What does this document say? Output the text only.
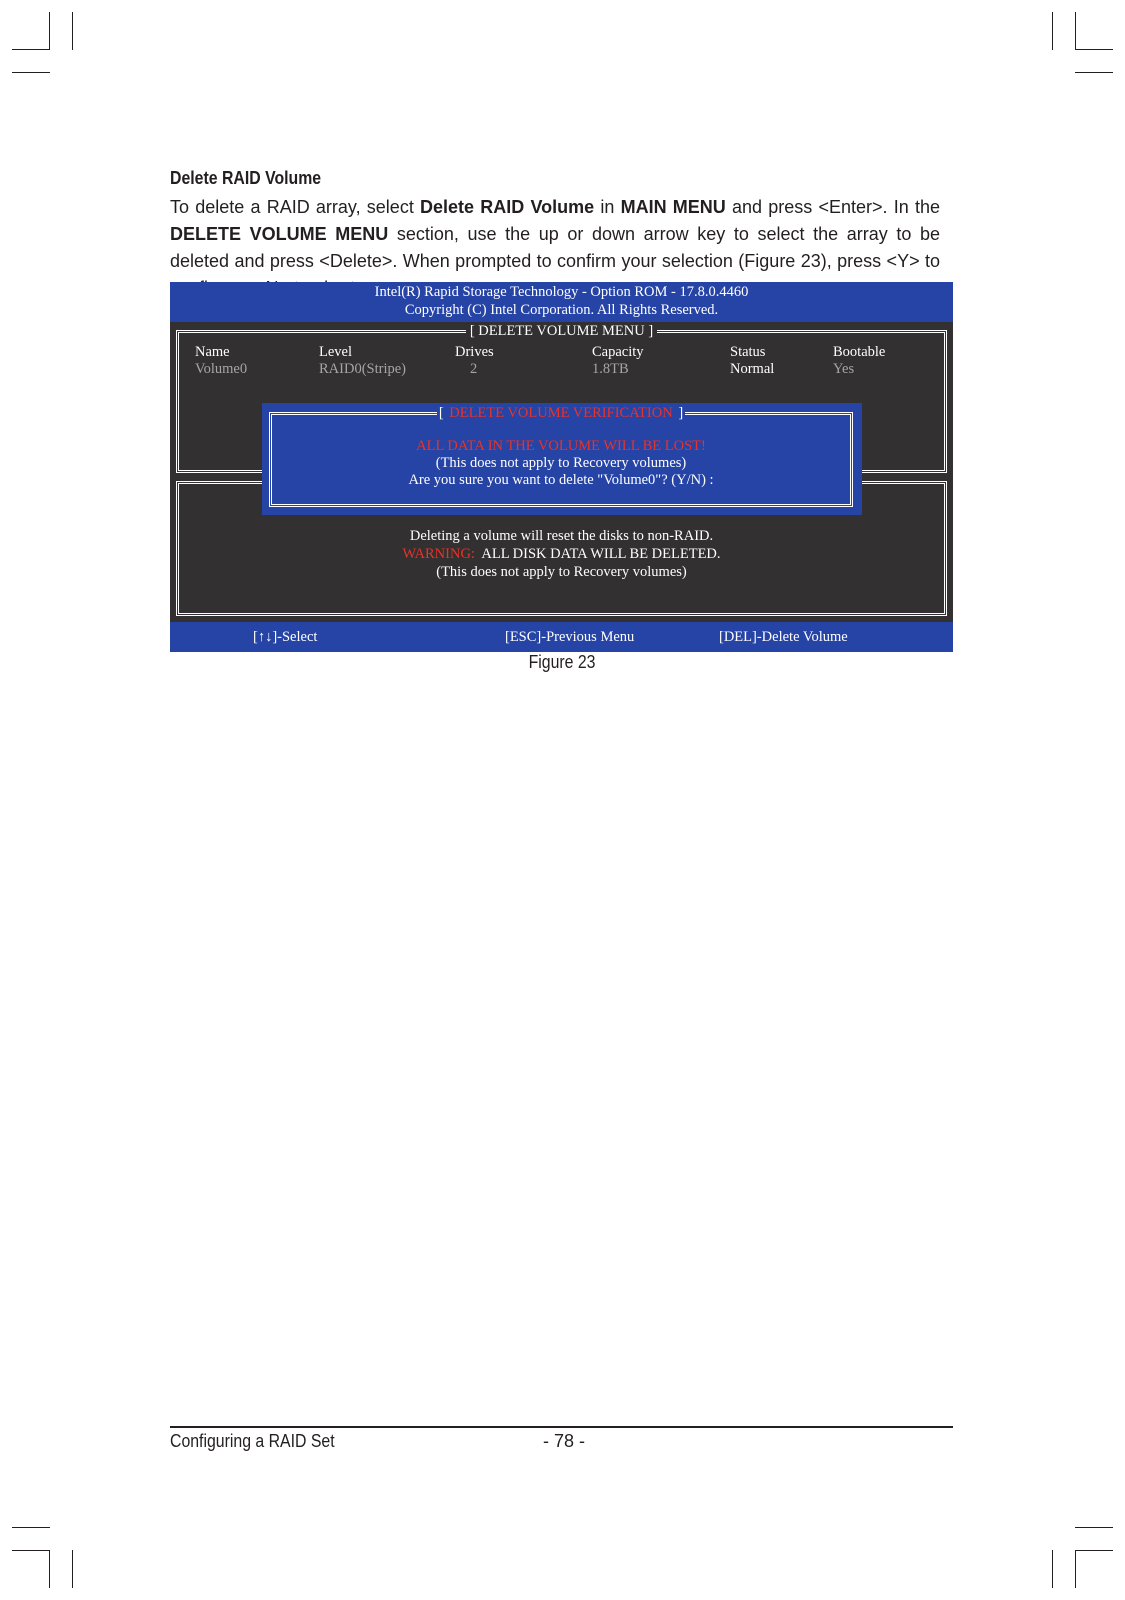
Delete RAID Volume
To delete a RAID array, select Delete RAID Volume in MAIN MENU and press <Enter>. In the DELETE VOLUME MENU section, use the up or down arrow key to select the array to be deleted and press <Delete>. When prompted to confirm your selection (Figure 23), press <Y> to
Intel(R) Rapid Storage Technology - Option ROM - 17.8.0.4460
Copyright (C) Intel Corporation. All Rights Reserved.
[ DELETE VOLUME MENU ]
Name	Level	Drives	Capacity	Status	Bootable
Volume0	RAID0(Stripe)	2	1.8TB	Normal	Yes
[ DELETE VOLUME VERIFICATION ]
ALL DATA IN THE VOLUME WILL BE LOST!
(This does not apply to Recovery volumes)
Are you sure you want to delete "Volume0"? (Y/N) :
Deleting a volume will reset the disks to non-RAID.
WARNING: ALL DISK DATA WILL BE DELETED.
(This does not apply to Recovery volumes)
[↑↓]-Select	[ESC]-Previous Menu	[DEL]-Delete Volume
Figure 23
Configuring a RAID Set	- 78 -
